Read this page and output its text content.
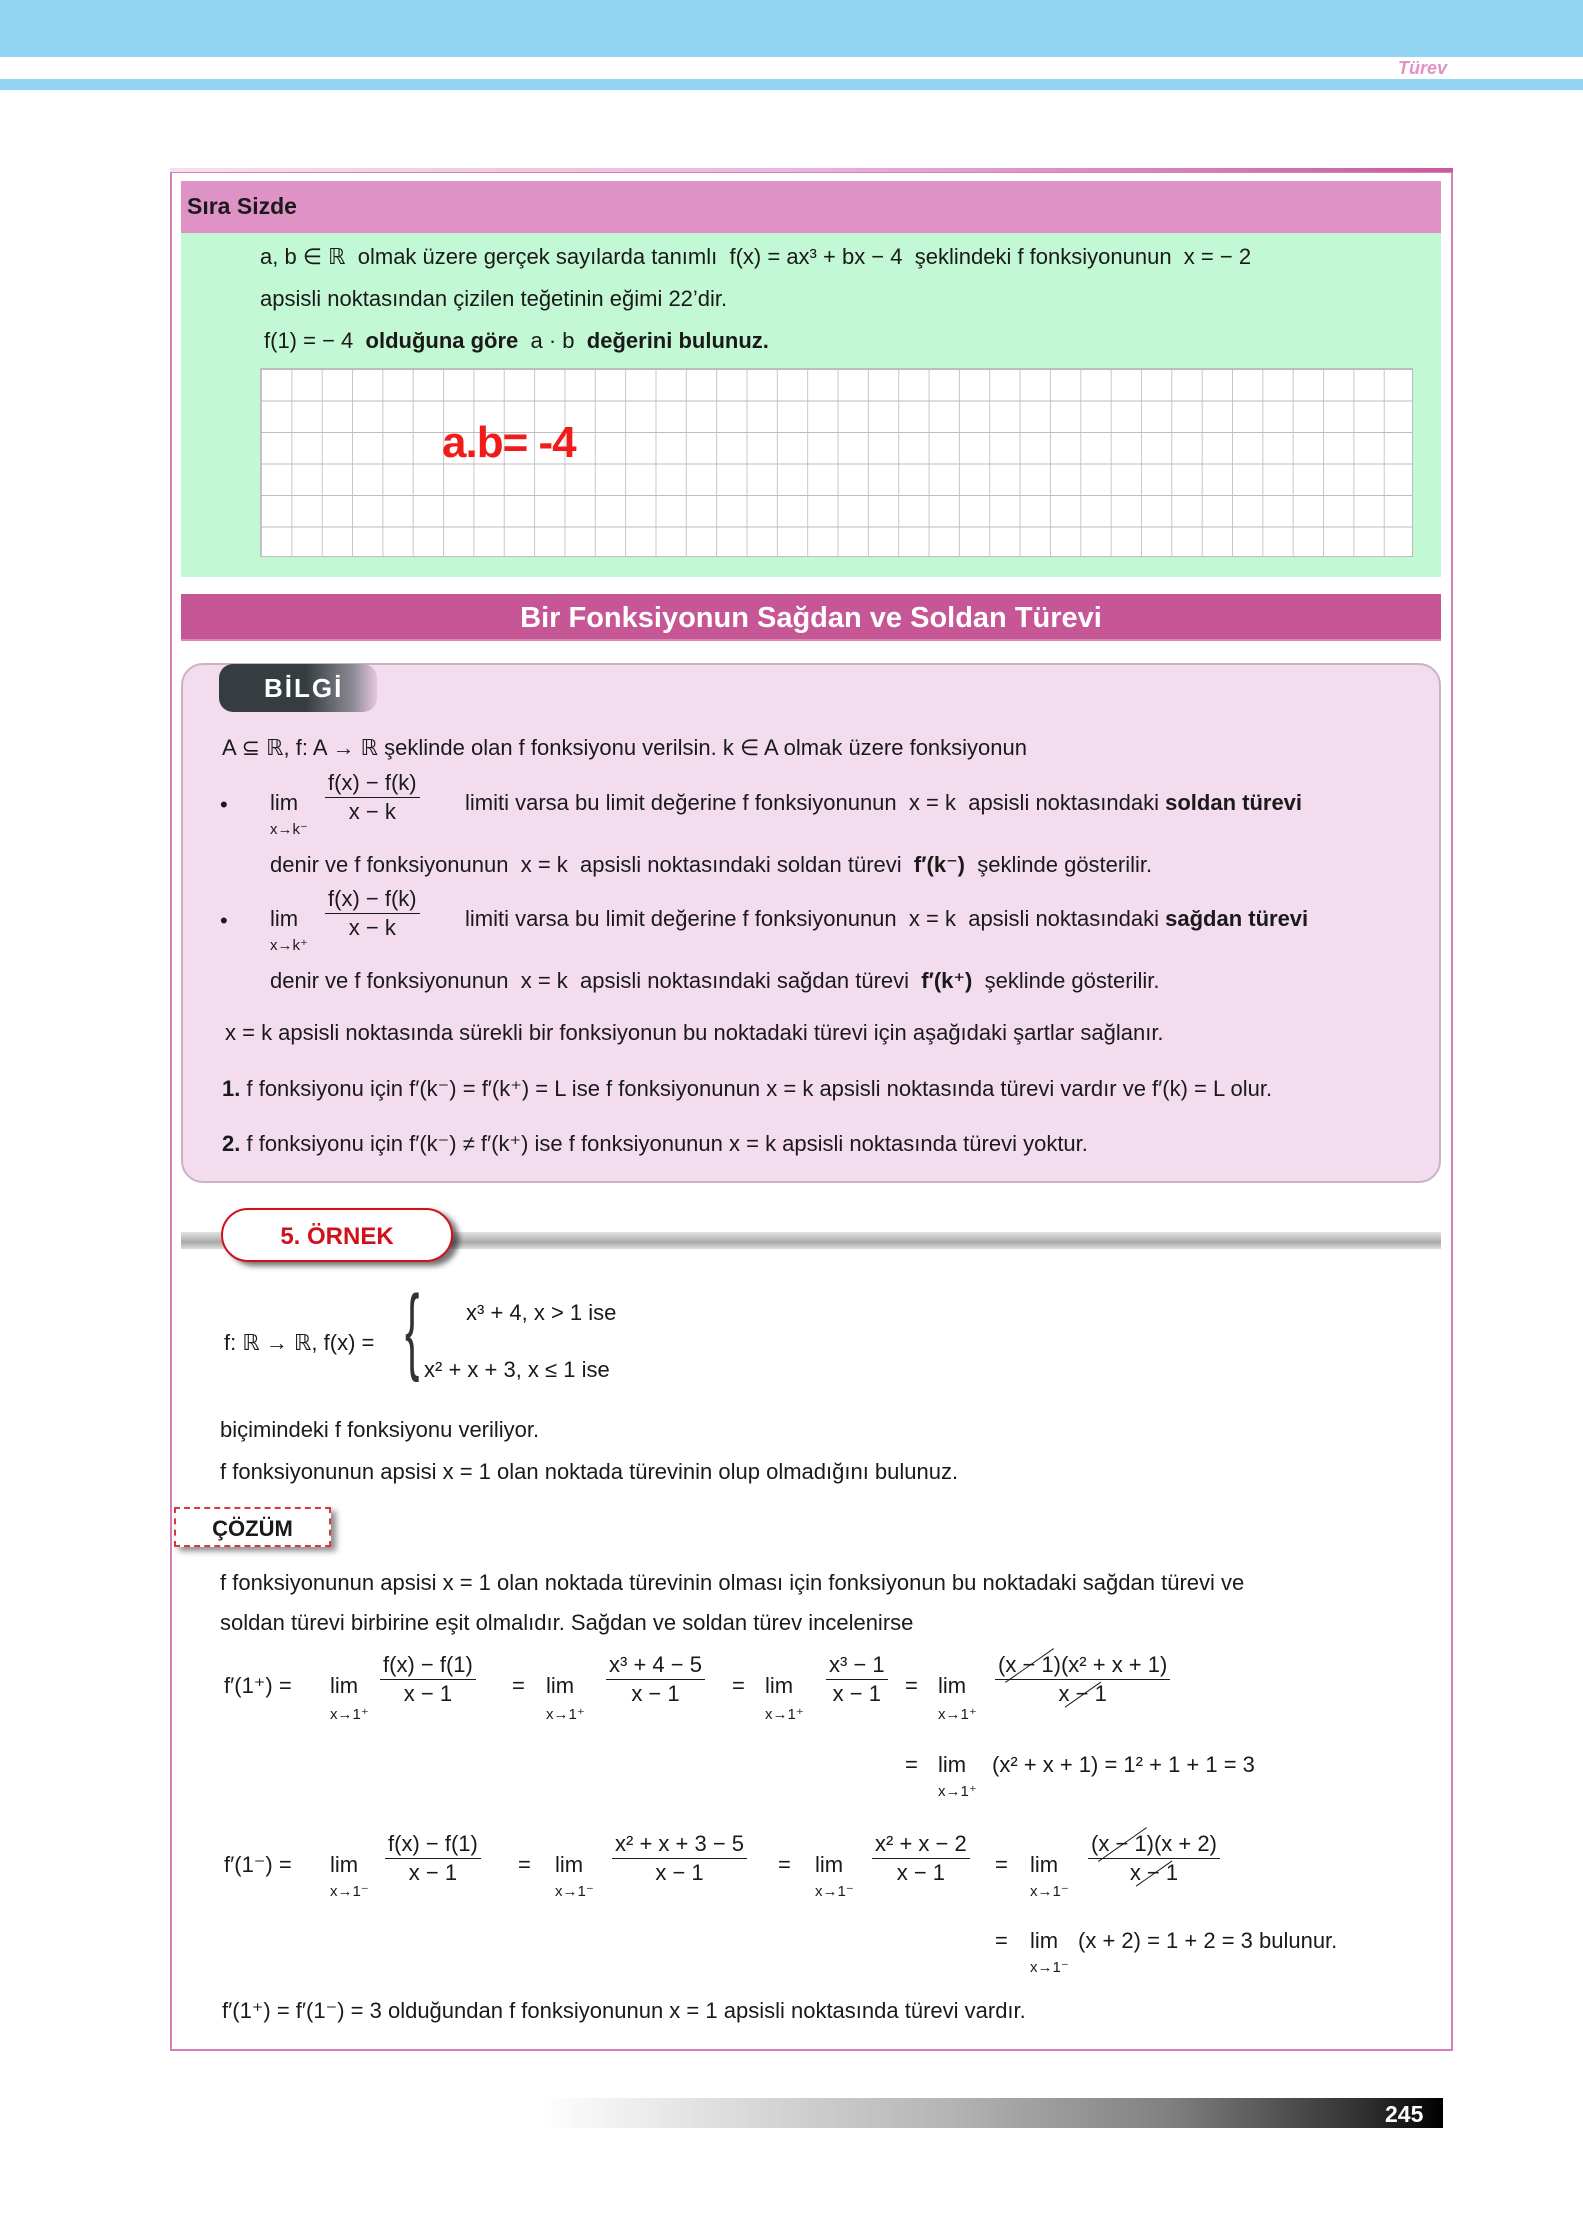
Türev
Sıra Sizde
a, b ∈ ℝ olmak üzere gerçek sayılarda tanımlı f(x) = ax³ + bx − 4 şeklindeki f fonksiyonunun x = − 2
apsisli noktasından çizilen teğetinin eğimi 22’dir.
f(1) = − 4 olduğuna göre a · b değerini bulunuz.
a.b= -4
Bir Fonksiyonun Sağdan ve Soldan Türevi
BİLGİ
A ⊆ ℝ, f: A → ℝ şeklinde olan f fonksiyonu verilsin. k ∈ A olmak üzere fonksiyonun
• lim
x→k⁻
$\frac{f(x) - f(k)}{x - k}$ limiti varsa bu limit değerine f fonksiyonunun x = k apsisli noktasındaki soldan türevi
denir ve f fonksiyonunun x = k apsisli noktasındaki soldan türevi f′(k⁻) şeklinde gösterilir.
• lim
x→k⁺
$\frac{f(x) - f(k)}{x - k}$ limiti varsa bu limit değerine f fonksiyonunun x = k apsisli noktasındaki sağdan türevi
denir ve f fonksiyonunun x = k apsisli noktasındaki sağdan türevi f′(k⁺) şeklinde gösterilir.
x = k apsisli noktasında sürekli bir fonksiyonun bu noktadaki türevi için aşağıdaki şartlar sağlanır.
1. f fonksiyonu için f′(k⁻) = f′(k⁺) = L ise f fonksiyonunun x = k apsisli noktasında türevi vardır ve f′(k) = L olur.
2. f fonksiyonu için f′(k⁻) ≠ f′(k⁺) ise f fonksiyonunun x = k apsisli noktasında türevi yoktur.
5. ÖRNEK
f: ℝ → ℝ, f(x) = { x³ + 4, x > 1 ise
x² + x + 3, x ≤ 1 ise
biçimindeki f fonksiyonu veriliyor.
f fonksiyonunun apsisi x = 1 olan noktada türevinin olup olmadığını bulunuz.
ÇÖZÜM
f fonksiyonunun apsisi x = 1 olan noktada türevinin olması için fonksiyonun bu noktadaki sağdan türevi ve
soldan türevi birbirine eşit olmalıdır. Sağdan ve soldan türev incelenirse
f′(1⁺) = lim
x→1⁺
$\frac{f(x) - f(1)}{x - 1} = \lim$
x→1⁺
$\frac{\text{x³ + 4 − 5}}{x - 1} = \lim$
x→1⁺
$\frac{\text{x³ − 1}}{x - 1} = \lim$
x→1⁺
$\frac{\text{(x − 1)(x² + x + 1)}}{x - 1}$
= lim
x→1⁺
(x² + x + 1) = 1² + 1 + 1 = 3
f′(1⁻) = lim
x→1⁻
$\frac{f(x) - f(1)}{x - 1} = \lim$
x→1⁻
$\frac{\text{x² + x + 3 − 5}}{x - 1} = \lim$
x→1⁻
$\frac{\text{x² + x − 2}}{x - 1} = \lim$
x→1⁻
$\frac{(x - 1)(x + 2)}{x - 1}$
= lim
x→1⁻
(x + 2) = 1 + 2 = 3 bulunur.
f′(1⁺) = f′(1⁻) = 3 olduğundan f fonksiyonunun x = 1 apsisli noktasında türevi vardır.
245
